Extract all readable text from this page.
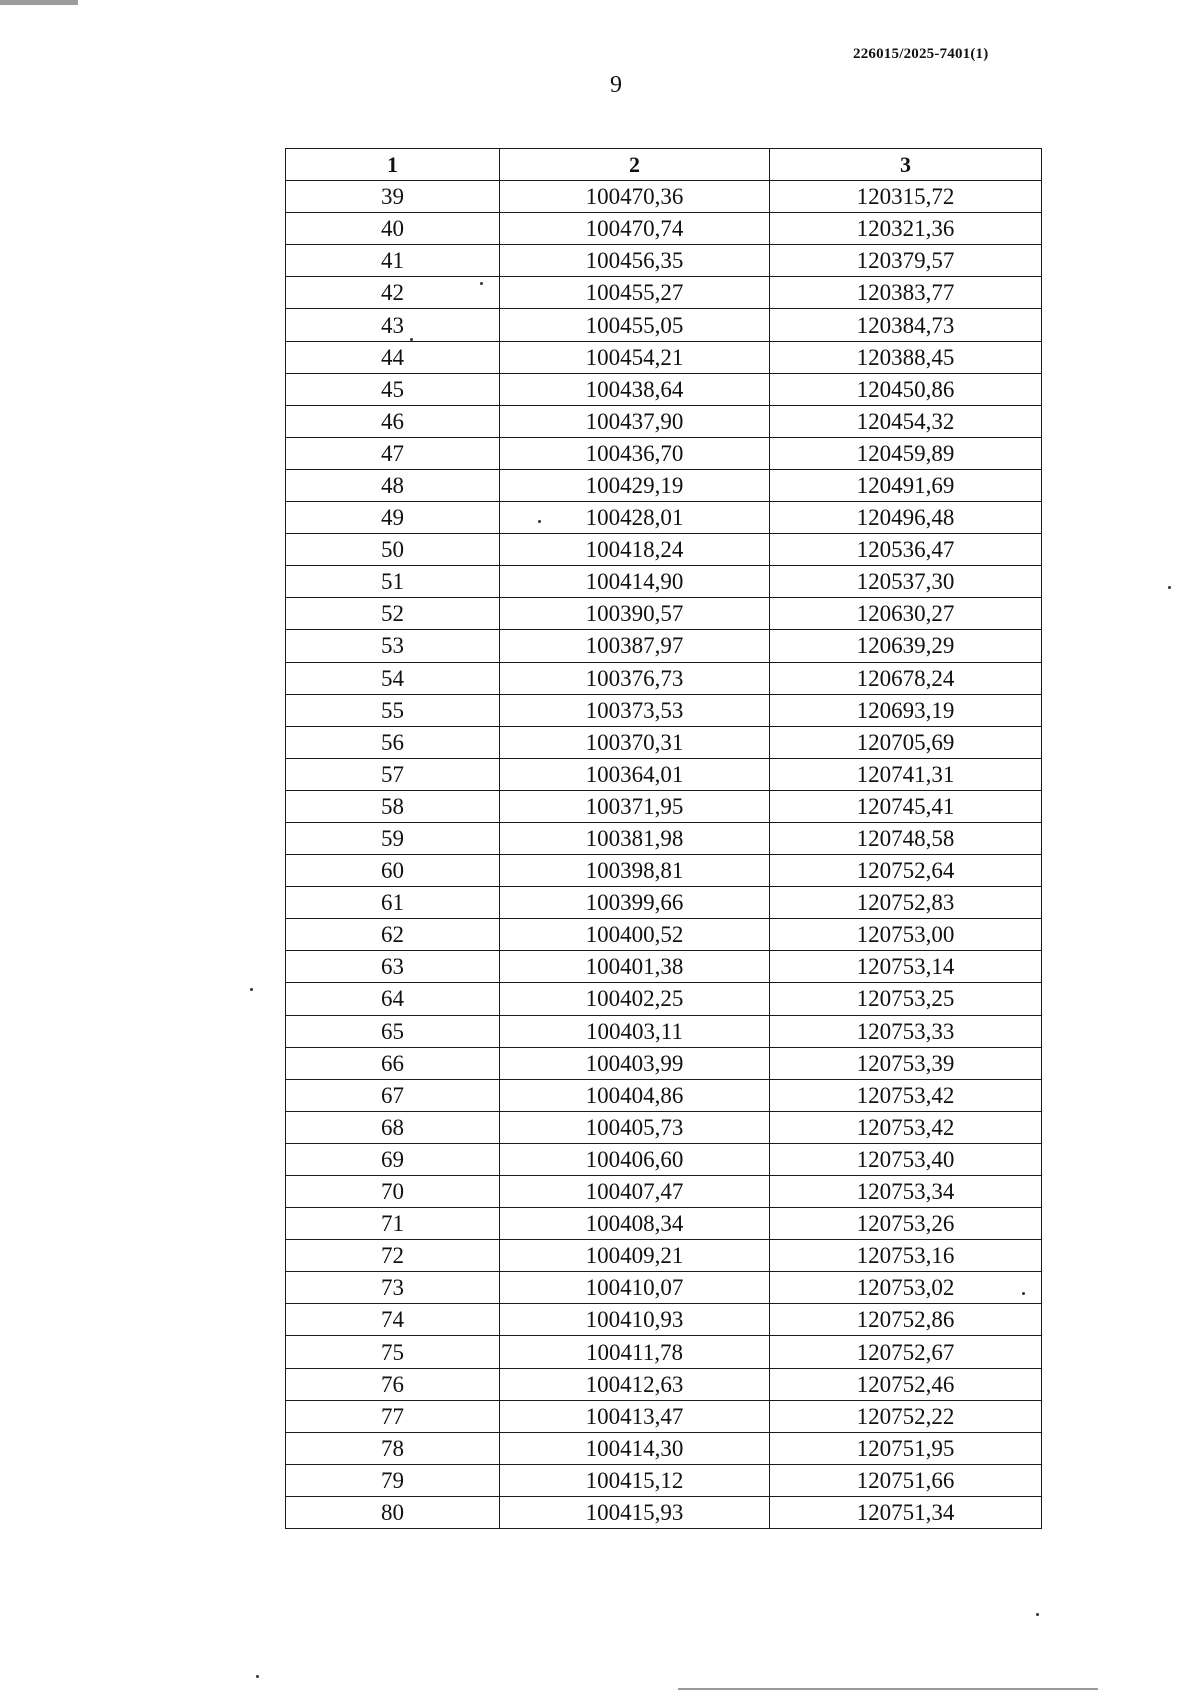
226015/2025-7401(1)
9
1	2	3
39	100470,36	120315,72
40	100470,74	120321,36
41	100456,35	120379,57
42	100455,27	120383,77
43	100455,05	120384,73
44	100454,21	120388,45
45	100438,64	120450,86
46	100437,90	120454,32
47	100436,70	120459,89
48	100429,19	120491,69
49	100428,01	120496,48
50	100418,24	120536,47
51	100414,90	120537,30
52	100390,57	120630,27
53	100387,97	120639,29
54	100376,73	120678,24
55	100373,53	120693,19
56	100370,31	120705,69
57	100364,01	120741,31
58	100371,95	120745,41
59	100381,98	120748,58
60	100398,81	120752,64
61	100399,66	120752,83
62	100400,52	120753,00
63	100401,38	120753,14
64	100402,25	120753,25
65	100403,11	120753,33
66	100403,99	120753,39
67	100404,86	120753,42
68	100405,73	120753,42
69	100406,60	120753,40
70	100407,47	120753,34
71	100408,34	120753,26
72	100409,21	120753,16
73	100410,07	120753,02
74	100410,93	120752,86
75	100411,78	120752,67
76	100412,63	120752,46
77	100413,47	120752,22
78	100414,30	120751,95
79	100415,12	120751,66
80	100415,93	120751,34
